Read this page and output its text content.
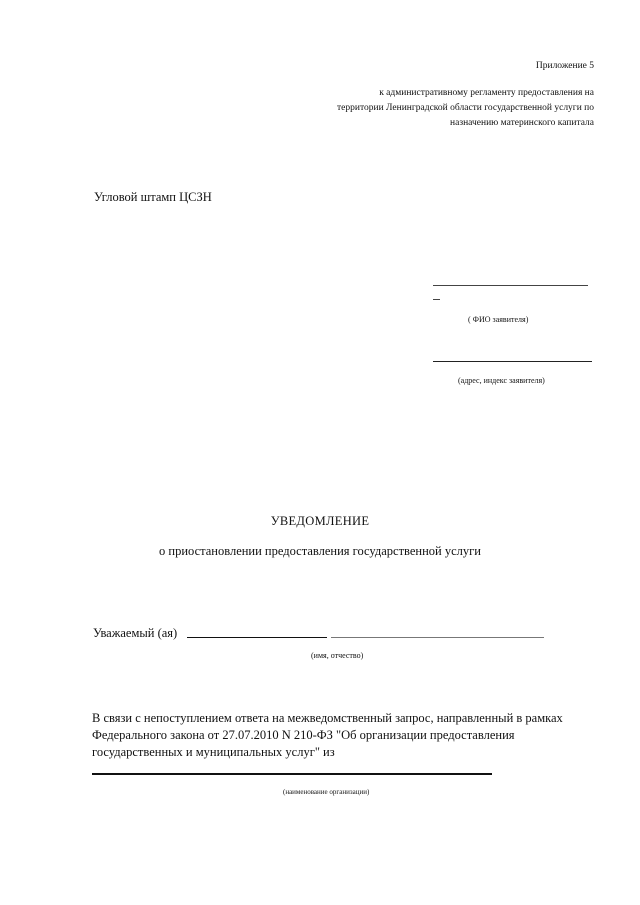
Приложение 5

к административному регламенту предоставления на
территории Ленинградской области государственной услуги по
назначению материнского капитала

Угловой штамп ЦСЗН

( ФИО заявителя)

(адрес, индекс заявителя)

УВЕДОМЛЕНИЕ

о приостановлении предоставления государственной услуги

Уважаемый (ая)

(имя, отчество)

В связи с непоступлением ответа на межведомственный запрос, направленный в рамках Федерального закона от 27.07.2010 N 210-ФЗ "Об организации предоставления государственных и муниципальных услуг" из

(наименование организации)
